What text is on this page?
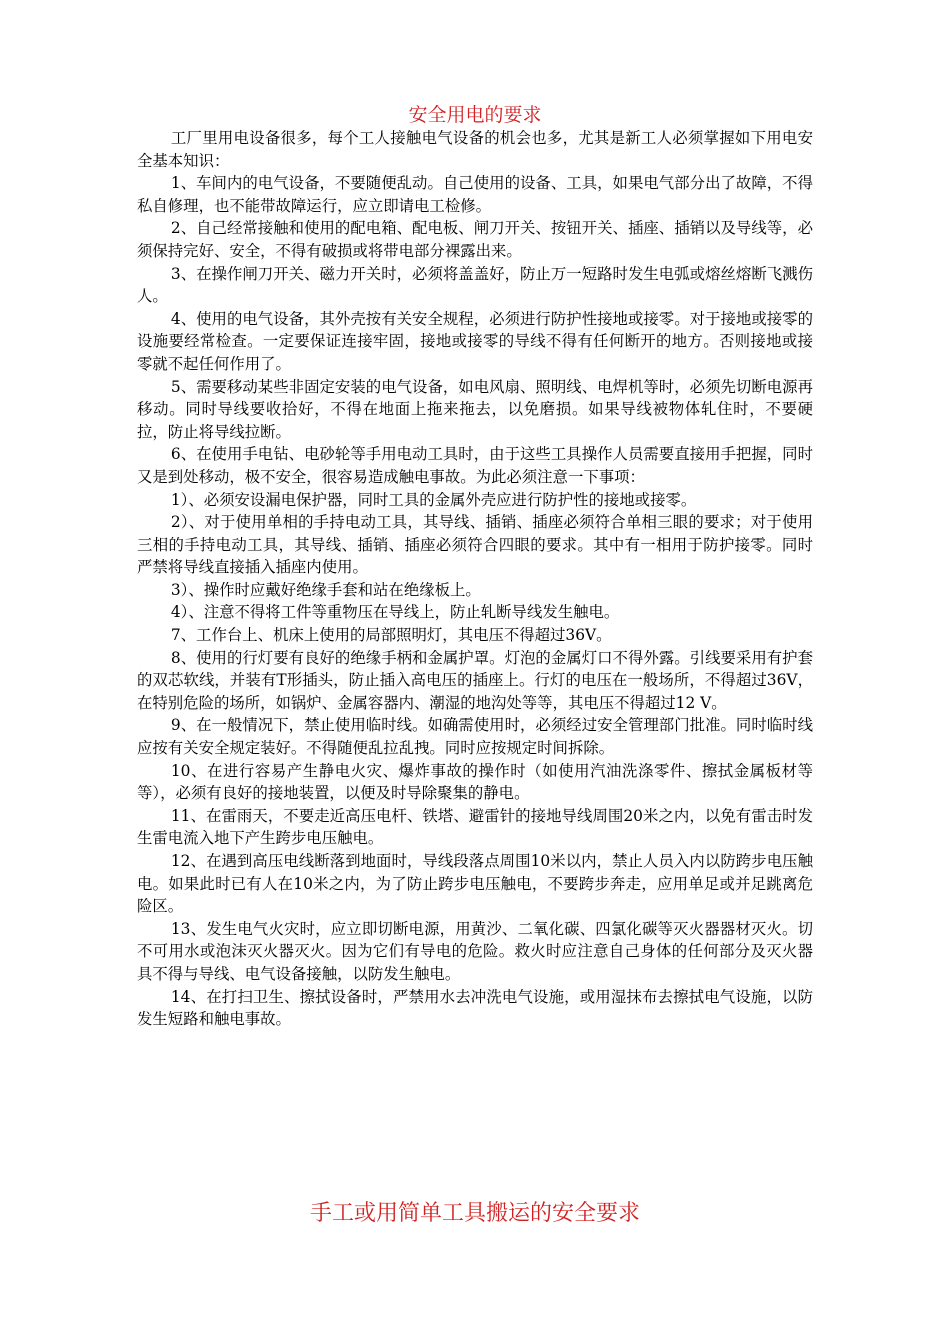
安全用电的要求

工厂里用电设备很多，每个工人接触电气设备的机会也多，尤其是新工人必须掌握如下用电安全基本知识：

1、车间内的电气设备，不要随便乱动。自己使用的设备、工具，如果电气部分出了故障，不得私自修理，也不能带故障运行，应立即请电工检修。

2、自己经常接触和使用的配电箱、配电板、闸刀开关、按钮开关、插座、插销以及导线等，必须保持完好、安全，不得有破损或将带电部分裸露出来。

3、在操作闸刀开关、磁力开关时，必须将盖盖好，防止万一短路时发生电弧或熔丝熔断飞溅伤人。

4、使用的电气设备，其外壳按有关安全规程，必须进行防护性接地或接零。对于接地或接零的设施要经常检查。一定要保证连接牢固，接地或接零的导线不得有任何断开的地方。否则接地或接零就不起任何作用了。

5、需要移动某些非固定安装的电气设备，如电风扇、照明线、电焊机等时，必须先切断电源再移动。同时导线要收拾好，不得在地面上拖来拖去，以免磨损。如果导线被物体轧住时，不要硬拉，防止将导线拉断。

6、在使用手电钻、电砂轮等手用电动工具时，由于这些工具操作人员需要直接用手把握，同时又是到处移动，极不安全，很容易造成触电事故。为此必须注意一下事项：

1）、必须安设漏电保护器，同时工具的金属外壳应进行防护性的接地或接零。

2）、对于使用单相的手持电动工具，其导线、插销、插座必须符合单相三眼的要求；对于使用三相的手持电动工具，其导线、插销、插座必须符合四眼的要求。其中有一相用于防护接零。同时严禁将导线直接插入插座内使用。

3）、操作时应戴好绝缘手套和站在绝缘板上。

4）、注意不得将工件等重物压在导线上，防止轧断导线发生触电。

7、工作台上、机床上使用的局部照明灯，其电压不得超过36V。

8、使用的行灯要有良好的绝缘手柄和金属护罩。灯泡的金属灯口不得外露。引线要采用有护套的双芯软线，并装有T形插头，防止插入高电压的插座上。行灯的电压在一般场所，不得超过36V，在特别危险的场所，如锅炉、金属容器内、潮湿的地沟处等等，其电压不得超过12 V。

9、在一般情况下，禁止使用临时线。如确需使用时，必须经过安全管理部门批准。同时临时线应按有关安全规定装好。不得随便乱拉乱拽。同时应按规定时间拆除。

10、在进行容易产生静电火灾、爆炸事故的操作时（如使用汽油洗涤零件、擦拭金属板材等等），必须有良好的接地装置，以便及时导除聚集的静电。

11、在雷雨天，不要走近高压电杆、铁塔、避雷针的接地导线周围20米之内，以免有雷击时发生雷电流入地下产生跨步电压触电。

12、在遇到高压电线断落到地面时，导线段落点周围10米以内，禁止人员入内以防跨步电压触电。如果此时已有人在10米之内，为了防止跨步电压触电，不要跨步奔走，应用单足或并足跳离危险区。

13、发生电气火灾时，应立即切断电源，用黄沙、二氧化碳、四氯化碳等灭火器器材灭火。切不可用水或泡沫灭火器灭火。因为它们有导电的危险。救火时应注意自己身体的任何部分及灭火器具不得与导线、电气设备接触，以防发生触电。

14、在打扫卫生、擦拭设备时，严禁用水去冲洗电气设施，或用湿抹布去擦拭电气设施，以防发生短路和触电事故。

手工或用简单工具搬运的安全要求
